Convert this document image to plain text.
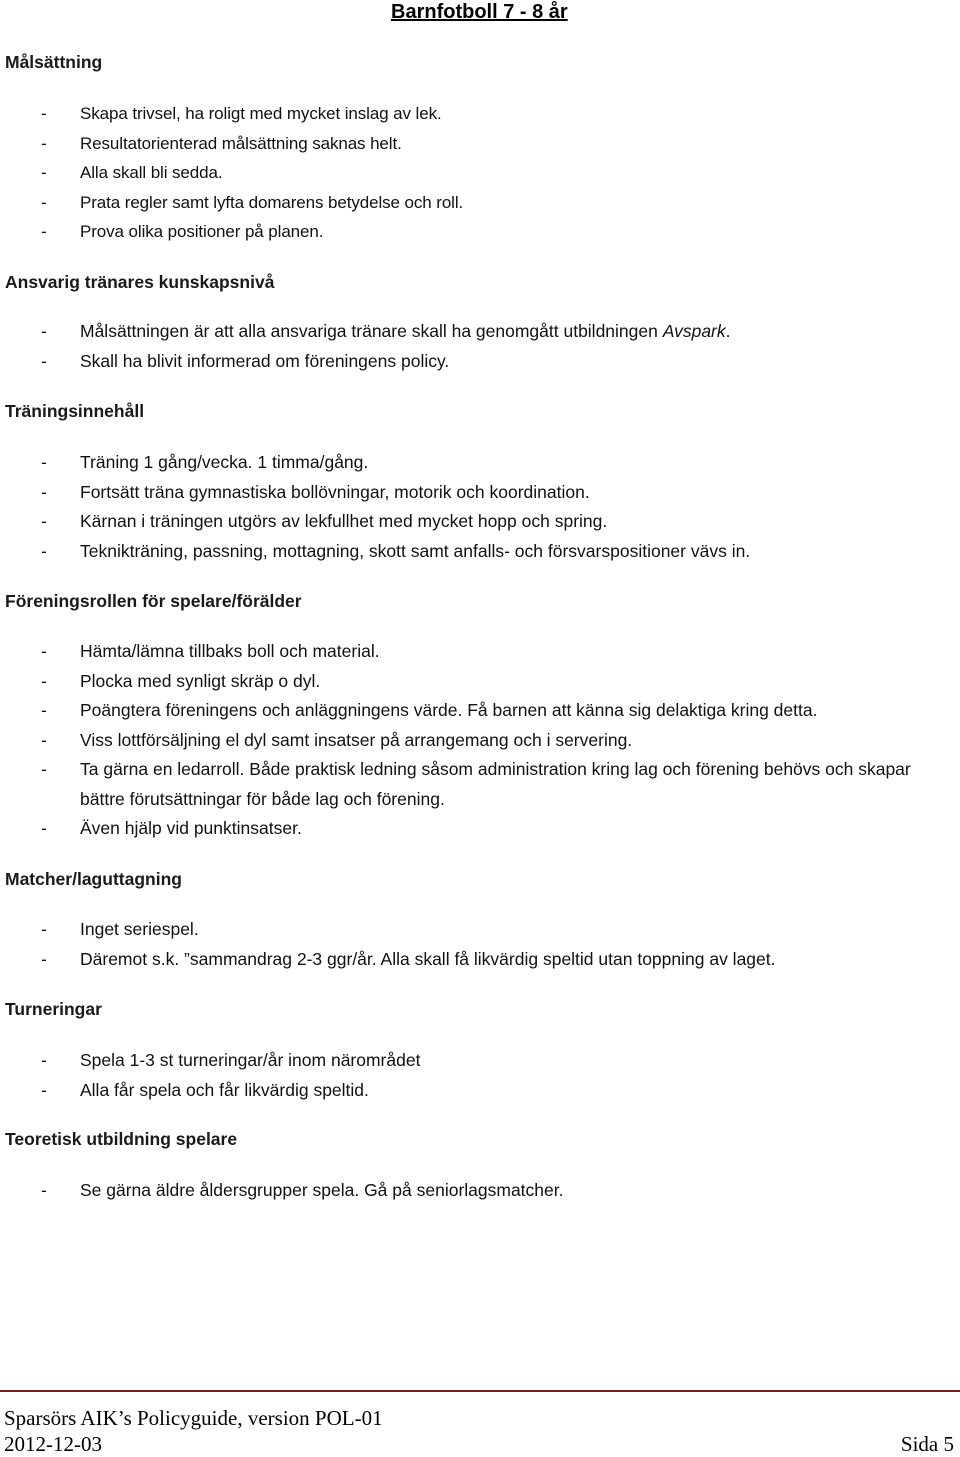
Barnfotboll 7 - 8 år
Målsättning
- Skapa trivsel, ha roligt med mycket inslag av lek.
- Resultatorienterad målsättning saknas helt.
- Alla skall bli sedda.
- Prata regler samt lyfta domarens betydelse och roll.
- Prova olika positioner på planen.
Ansvarig tränares kunskapsnivå
- Målsättningen är att alla ansvariga tränare skall ha genomgått utbildningen Avspark.
- Skall ha blivit informerad om föreningens policy.
Träningsinnehåll
- Träning 1 gång/vecka. 1 timma/gång.
- Fortsätt träna gymnastiska bollövningar, motorik och koordination.
- Kärnan i träningen utgörs av lekfullhet med mycket hopp och spring.
- Teknikträning, passning, mottagning, skott samt anfalls- och försvarspositioner vävs in.
Föreningsrollen för spelare/förälder
- Hämta/lämna tillbaks boll och material.
- Plocka med synligt skräp o dyl.
- Poängtera föreningens och anläggningens värde. Få barnen att känna sig delaktiga kring detta.
- Viss lottförsäljning el dyl samt insatser på arrangemang och i servering.
- Ta gärna en ledarroll. Både praktisk ledning såsom administration kring lag och förening behövs och skapar bättre förutsättningar för både lag och förening.
- Även hjälp vid punktinsatser.
Matcher/laguttagning
- Inget seriespel.
- Däremot s.k. ”sammandrag 2-3 ggr/år. Alla skall få likvärdig speltid utan toppning av laget.
Turneringar
- Spela 1-3 st turneringar/år inom närområdet
- Alla får spela och får likvärdig speltid.
Teoretisk utbildning spelare
- Se gärna äldre åldersgrupper spela. Gå på seniorlagsmatcher.
Sparsörs AIK’s Policyguide, version POL-01
2012-12-03	Sida 5
